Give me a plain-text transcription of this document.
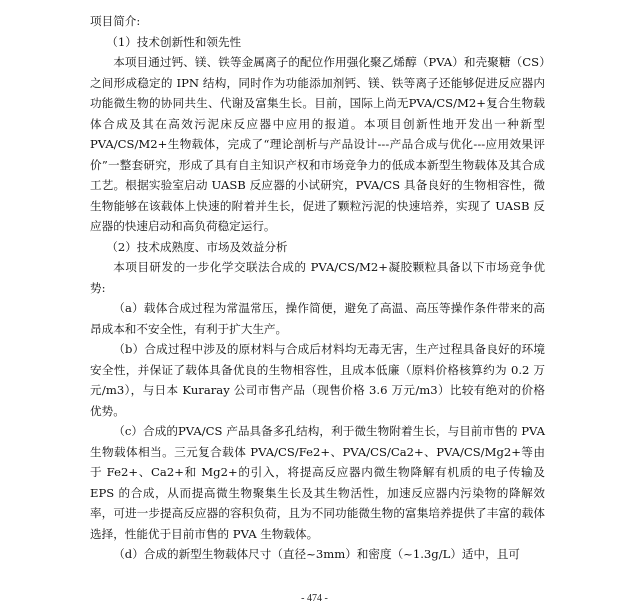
项目简介:

（1）技术创新性和领先性

本项目通过钙、镁、铁等金属离子的配位作用强化聚乙烯醇（PVA）和壳聚糖（CS）之间形成稳定的 IPN 结构，同时作为功能添加剂钙、镁、铁等离子还能够促进反应器内功能微生物的协同共生、代谢及富集生长。目前，国际上尚无PVA/CS/M2+复合生物载体合成及其在高效污泥床反应器中应用的报道。本项目创新性地开发出一种新型 PVA/CS/M2+生物载体，完成了“理论剖析与产品设计---产品合成与优化---应用效果评价”一整套研究，形成了具有自主知识产权和市场竞争力的低成本新型生物载体及其合成工艺。根据实验室启动 UASB 反应器的小试研究，PVA/CS 具备良好的生物相容性，微生物能够在该载体上快速的附着并生长，促进了颗粒污泥的快速培养，实现了 UASB 反应器的快速启动和高负荷稳定运行。

（2）技术成熟度、市场及效益分析

本项目研发的一步化学交联法合成的 PVA/CS/M2+凝胶颗粒具备以下市场竞争优势:

（a）载体合成过程为常温常压，操作简便，避免了高温、高压等操作条件带来的高昂成本和不安全性，有利于扩大生产。

（b）合成过程中涉及的原材料与合成后材料均无毒无害，生产过程具备良好的环境安全性，并保证了载体具备优良的生物相容性，且成本低廉（原料价格核算约为 0.2 万元/m3），与日本 Kuraray 公司市售产品（现售价格 3.6 万元/m3）比较有绝对的价格优势。

（c）合成的PVA/CS 产品具备多孔结构，利于微生物附着生长，与目前市售的 PVA 生物载体相当。三元复合载体 PVA/CS/Fe2+、PVA/CS/Ca2+、PVA/CS/Mg2+等由于 Fe2+、Ca2+和 Mg2+的引入，将提高反应器内微生物降解有机质的电子传输及 EPS 的合成，从而提高微生物聚集生长及其生物活性，加速反应器内污染物的降解效率，可进一步提高反应器的容积负荷，且为不同功能微生物的富集培养提供了丰富的载体选择，性能优于目前市售的 PVA 生物载体。

（d）合成的新型生物载体尺寸（直径~3mm）和密度（~1.3g/L）适中，且可

- 474 -
